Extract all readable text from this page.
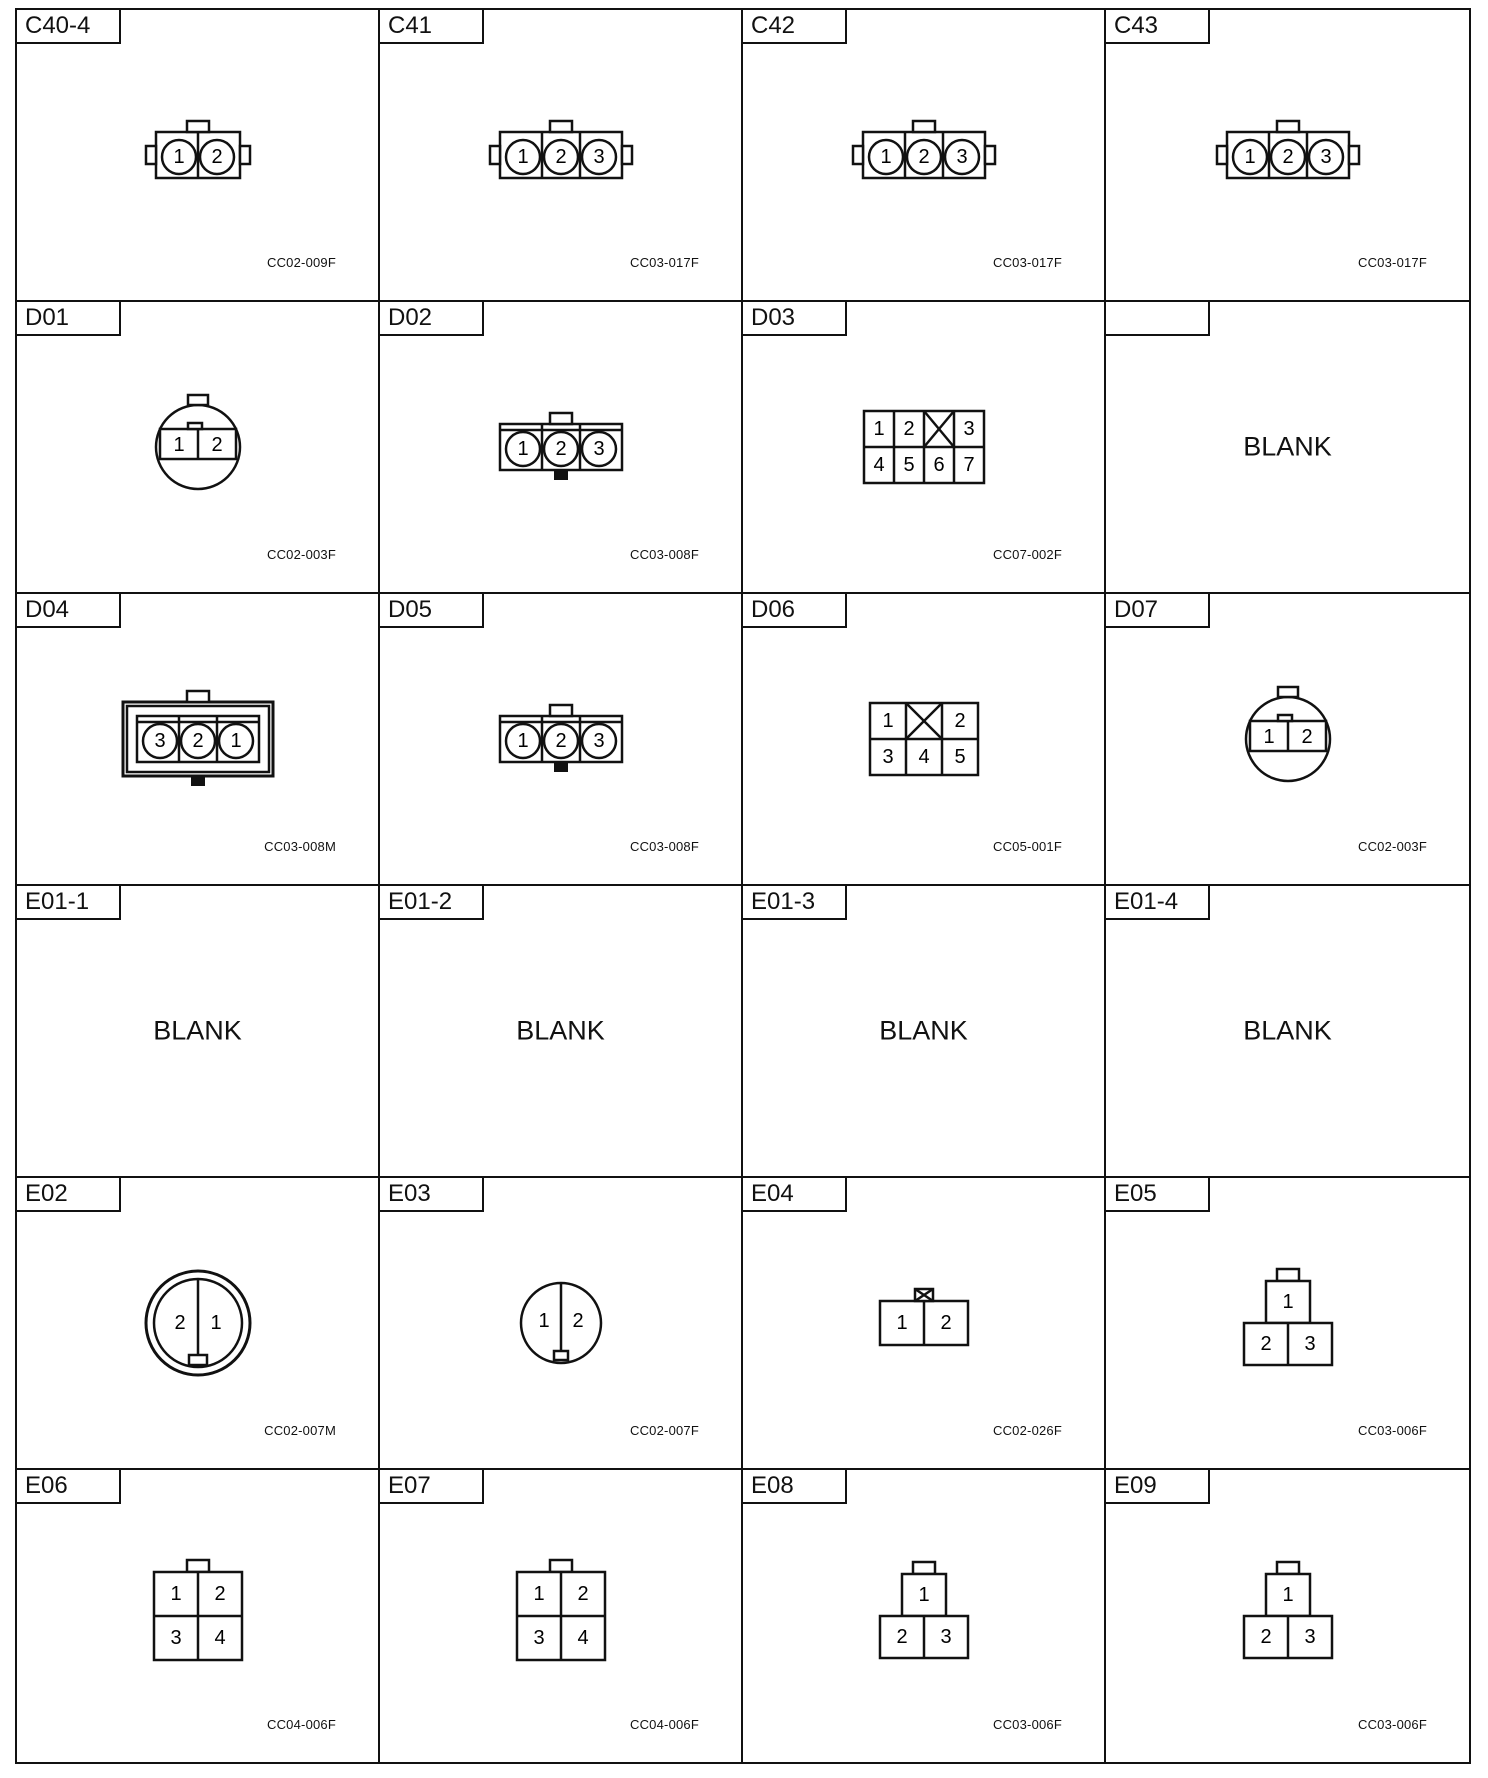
C40-4
1 2
CC02-009F
C41
1 2 3
CC03-017F
C42
1 2 3
CC03-017F
C43
1 2 3
CC03-017F
D01
1 2
CC02-003F
D02
1 2 3
CC03-008F
D03
1 2 3
4 5 6 7
CC07-002F
BLANK
D04
3 2 1
CC03-008M
D05
1 2 3
CC03-008F
D06
1	2
3 4 5
CC05-001F
D07
1 2
CC02-003F
E01-1
BLANK
E01-2
BLANK
E01-3
BLANK
E01-4
BLANK
E02
2 1
CC02-007M
E03
1 2
CC02-007F
E04
1 2
CC02-026F
E05
1
2 3
CC03-006F
E06
1 2
3 4
CC04-006F
E07
1 2
3 4
CC04-006F
E08
1
2 3
CC03-006F
E09
1
2 3
CC03-006F
